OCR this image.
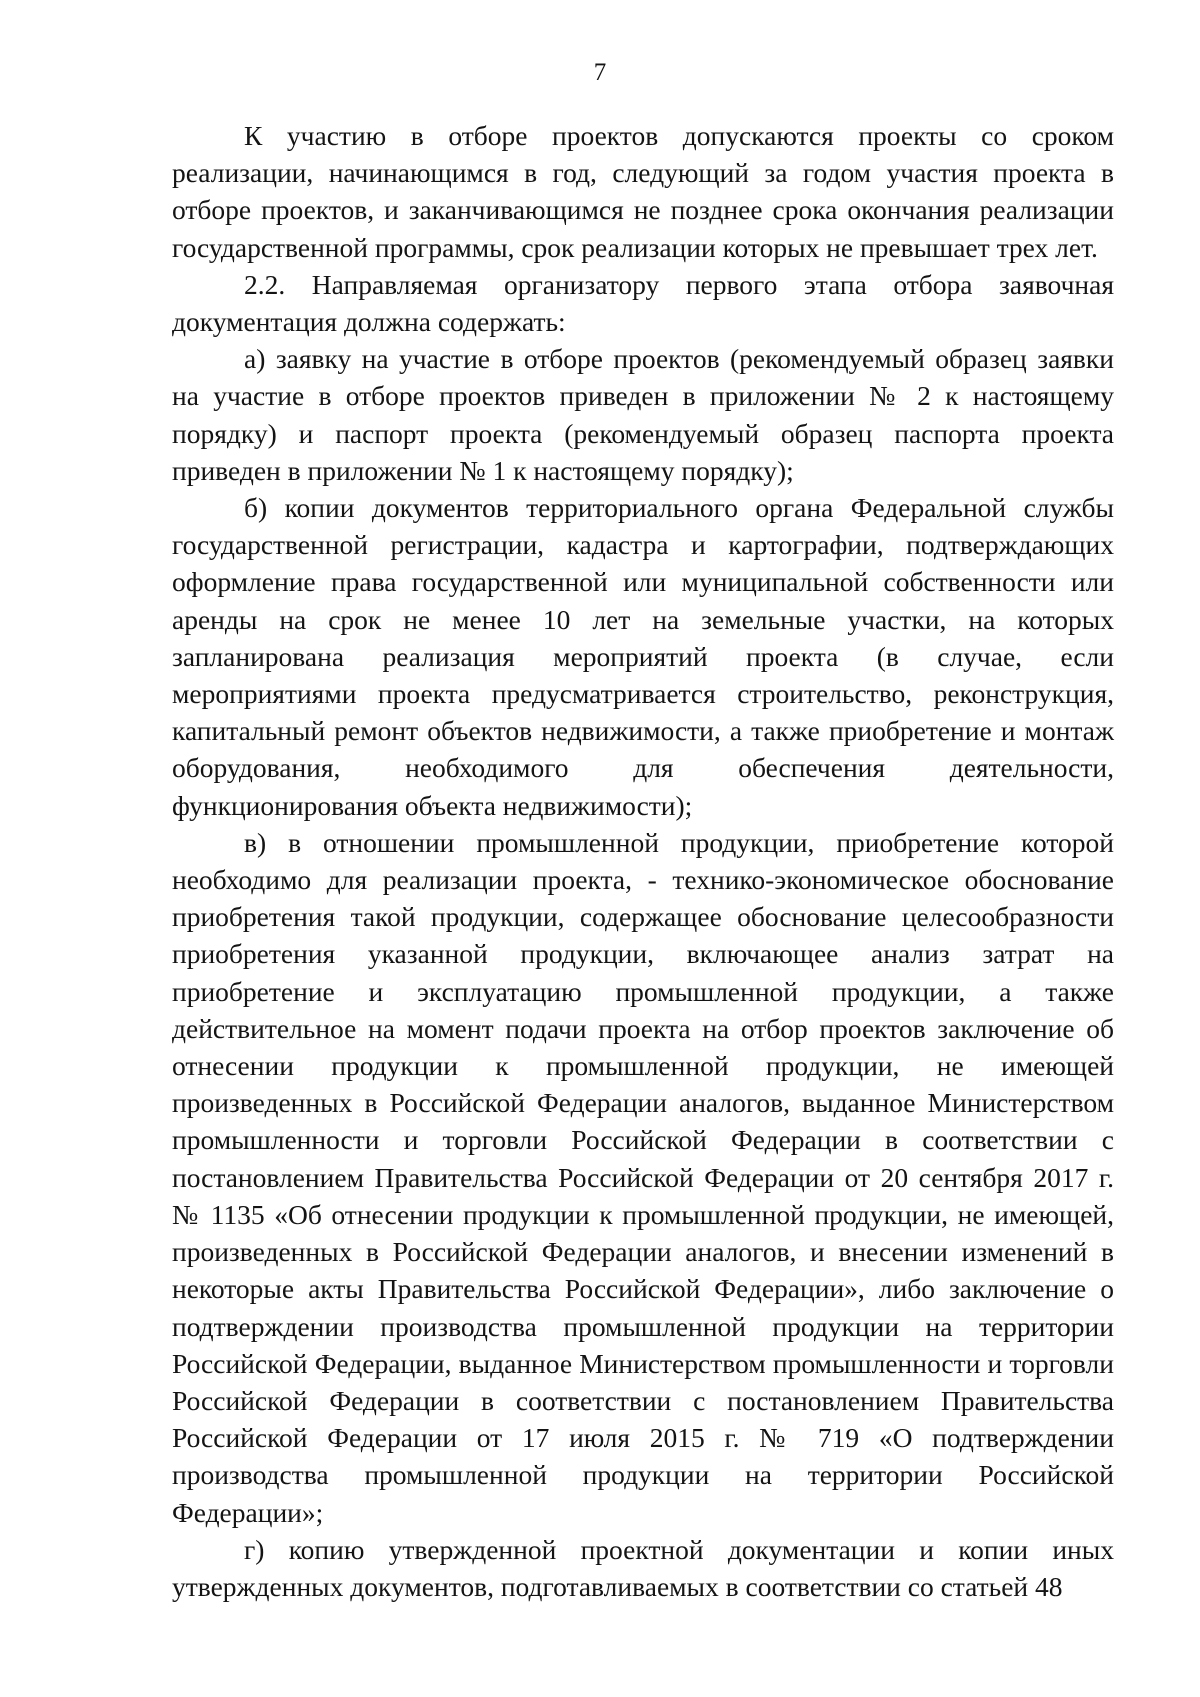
7

К участию в отборе проектов допускаются проекты со сроком реализации, начинающимся в год, следующий за годом участия проекта в отборе проектов, и заканчивающимся не позднее срока окончания реализации государственной программы, срок реализации которых не превышает трех лет.

2.2. Направляемая организатору первого этапа отбора заявочная документация должна содержать:

а) заявку на участие в отборе проектов (рекомендуемый образец заявки на участие в отборе проектов приведен в приложении № 2 к настоящему порядку) и паспорт проекта (рекомендуемый образец паспорта проекта приведен в приложении № 1 к настоящему порядку);

б) копии документов территориального органа Федеральной службы государственной регистрации, кадастра и картографии, подтверждающих оформление права государственной или муниципальной собственности или аренды на срок не менее 10 лет на земельные участки, на которых запланирована реализация мероприятий проекта (в случае, если мероприятиями проекта предусматривается строительство, реконструкция, капитальный ремонт объектов недвижимости, а также приобретение и монтаж оборудования, необходимого для обеспечения деятельности, функционирования объекта недвижимости);

в) в отношении промышленной продукции, приобретение которой необходимо для реализации проекта, - технико-экономическое обоснование приобретения такой продукции, содержащее обоснование целесообразности приобретения указанной продукции, включающее анализ затрат на приобретение и эксплуатацию промышленной продукции, а также действительное на момент подачи проекта на отбор проектов заключение об отнесении продукции к промышленной продукции, не имеющей произведенных в Российской Федерации аналогов, выданное Министерством промышленности и торговли Российской Федерации в соответствии с постановлением Правительства Российской Федерации от 20 сентября 2017 г. № 1135 «Об отнесении продукции к промышленной продукции, не имеющей, произведенных в Российской Федерации аналогов, и внесении изменений в некоторые акты Правительства Российской Федерации», либо заключение о подтверждении производства промышленной продукции на территории Российской Федерации, выданное Министерством промышленности и торговли Российской Федерации в соответствии с постановлением Правительства Российской Федерации от 17 июля 2015 г. № 719 «О подтверждении производства промышленной продукции на территории Российской Федерации»;

г) копию утвержденной проектной документации и копии иных утвержденных документов, подготавливаемых в соответствии со статьей 48
